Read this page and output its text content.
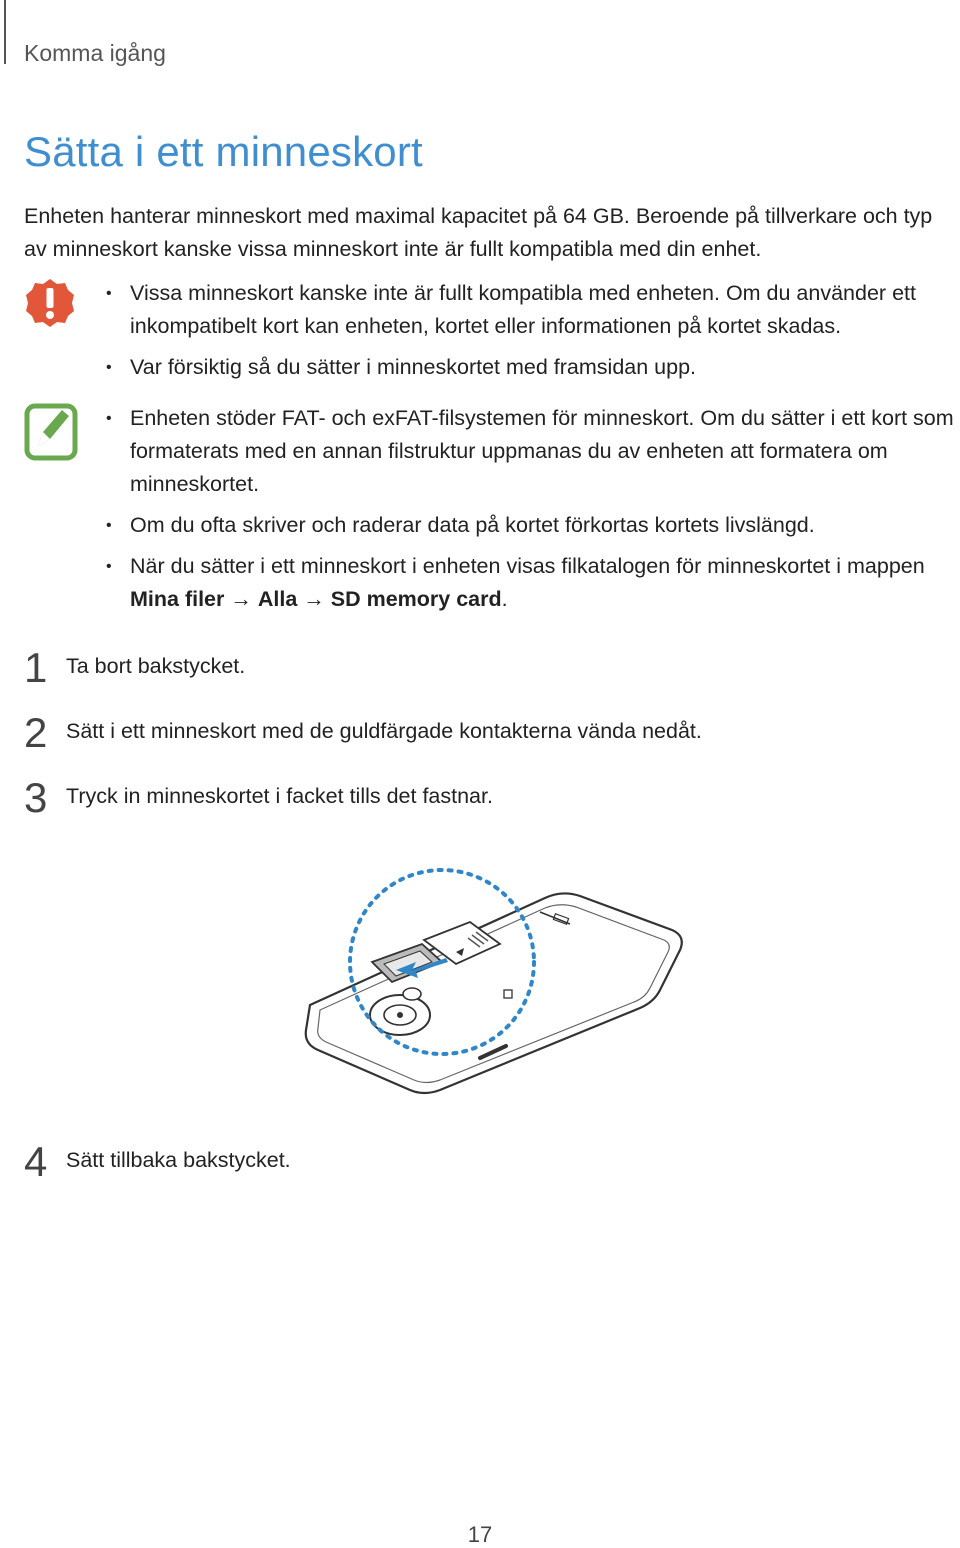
Komma igång
Sätta i ett minneskort

Enheten hanterar minneskort med maximal kapacitet på 64 GB. Beroende på tillverkare och typ av minneskort kanske vissa minneskort inte är fullt kompatibla med din enhet.

• Vissa minneskort kanske inte är fullt kompatibla med enheten. Om du använder ett inkompatibelt kort kan enheten, kortet eller informationen på kortet skadas.
• Var försiktig så du sätter i minneskortet med framsidan upp.
• Enheten stöder FAT- och exFAT-filsystemen för minneskort. Om du sätter i ett kort som formaterats med en annan filstruktur uppmanas du av enheten att formatera om minneskortet.
• Om du ofta skriver och raderar data på kortet förkortas kortets livslängd.
• När du sätter i ett minneskort i enheten visas filkatalogen för minneskortet i mappen Mina filer → Alla → SD memory card.
1 Ta bort bakstycket.
2 Sätt i ett minneskort med de guldfärgade kontakterna vända nedåt.
3 Tryck in minneskortet i facket tills det fastnar.
4 Sätt tillbaka bakstycket.
17
